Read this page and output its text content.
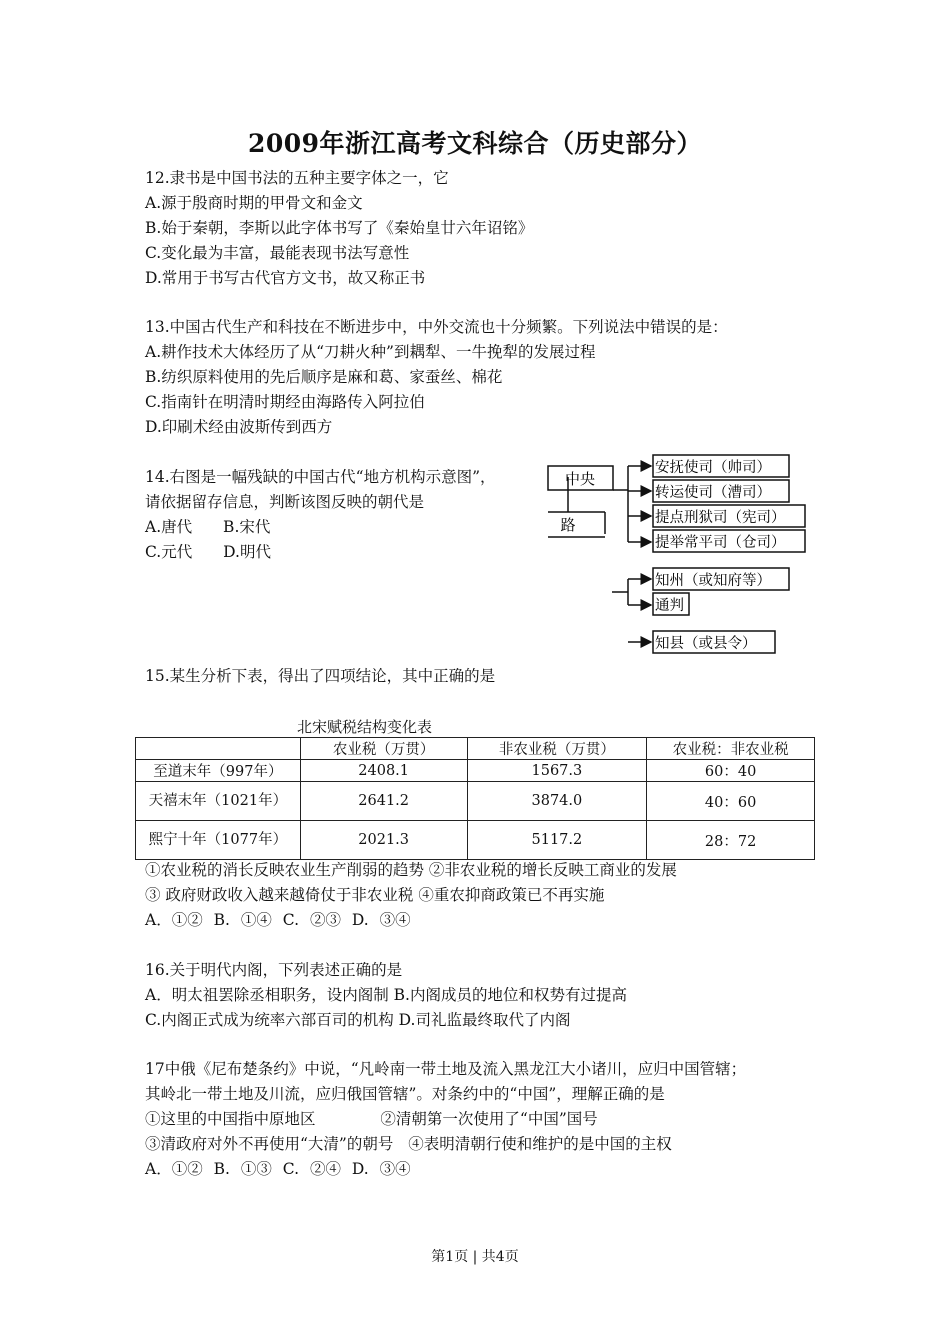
2009年浙江高考文科综合（历史部分）
12.隶书是中国书法的五种主要字体之一，它
A.源于殷商时期的甲骨文和金文
B.始于秦朝，李斯以此字体书写了《秦始皇廿六年诏铭》
C.变化最为丰富，最能表现书法写意性
D.常用于书写古代官方文书，故又称正书
13.中国古代生产和科技在不断进步中，中外交流也十分频繁。下列说法中错误的是：
A.耕作技术大体经历了从“刀耕火种”到耦犁、一牛挽犁的发展过程
B.纺织原料使用的先后顺序是麻和葛、家蚕丝、棉花
C.指南针在明清时期经由海路传入阿拉伯
D.印刷术经由波斯传到西方
14.右图是一幅残缺的中国古代“地方机构示意图”，
请依据留存信息，判断该图反映的朝代是
A.唐代 B.宋代
C.元代 D.明代
中央
路
安抚使司（帅司）
转运使司（漕司）
提点刑狱司（宪司）
提举常平司（仓司）
知州（或知府等）
通判
知县（或县令）
15.某生分析下表，得出了四项结论，其中正确的是
北宋赋税结构变化表
	农业税（万贯）	非农业税（万贯）	农业税：非农业税
至道末年（997年）	2408.1	1567.3	60：40
天禧末年（1021年）	2641.2	3874.0	40：60
熙宁十年（1077年）	2021.3	5117.2	28：72
①农业税的消长反映农业生产削弱的趋势 ②非农业税的增长反映工商业的发展
③ 政府财政收入越来越倚仗于非农业税 ④重农抑商政策已不再实施
A．①② B. ①④ C. ②③ D. ③④
16.关于明代内阁，下列表述正确的是
A．明太祖罢除丞相职务，设内阁制 B.内阁成员的地位和权势有过提高
C.内阁正式成为统率六部百司的机构 D.司礼监最终取代了内阁
17中俄《尼布楚条约》中说，“凡岭南一带土地及流入黑龙江大小诸川，应归中国管辖；
其岭北一带土地及川流，应归俄国管辖”。对条约中的“中国”，理解正确的是
①这里的中国指中原地区 ②清朝第一次使用了“中国”国号
③清政府对外不再使用“大清”的朝号 ④表明清朝行使和维护的是中国的主权
A．①② B. ①③ C. ②④ D. ③④
第1页 | 共4页
